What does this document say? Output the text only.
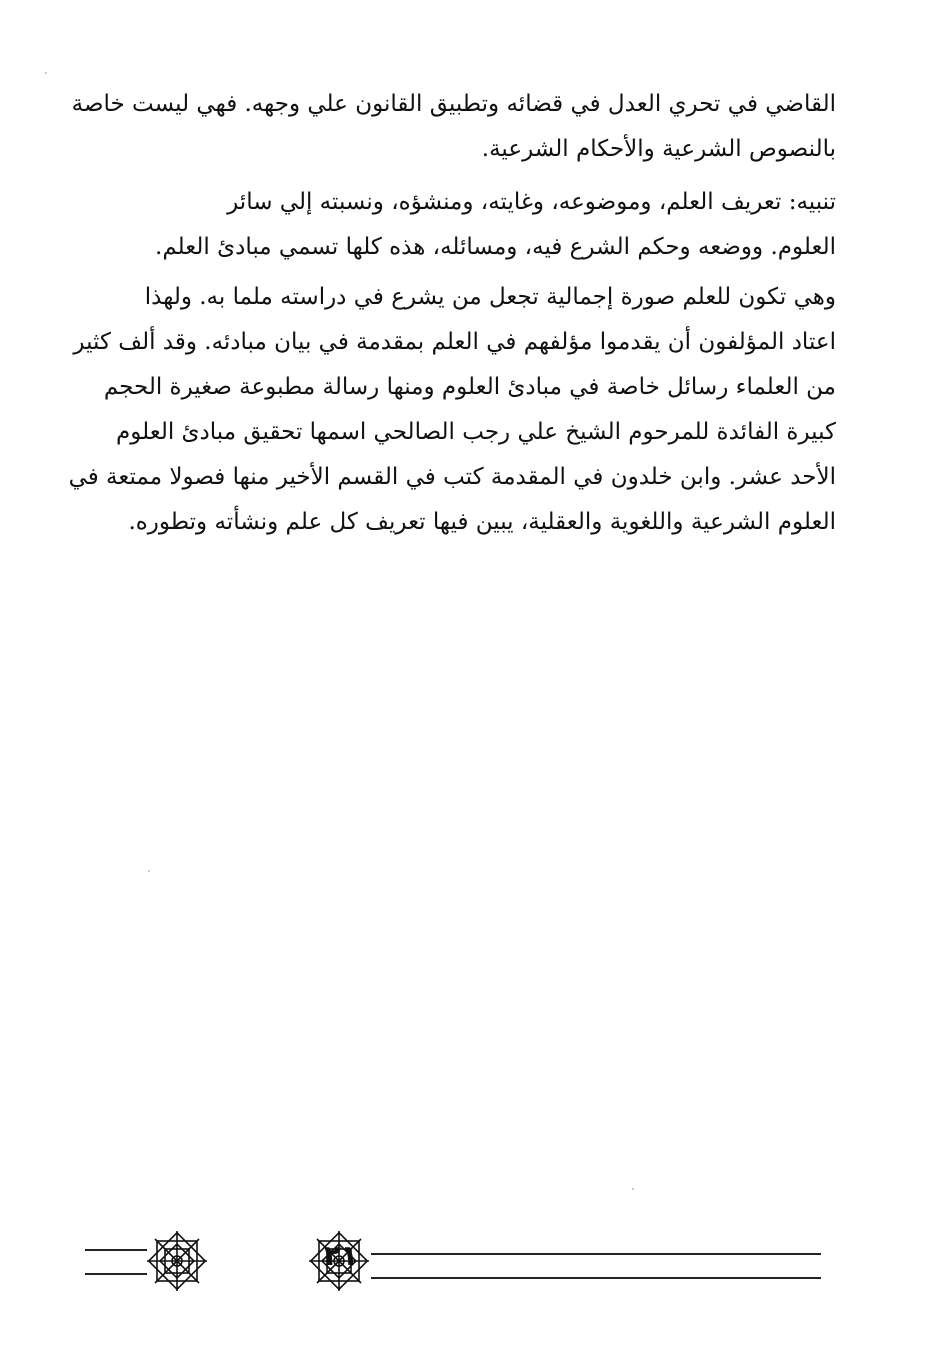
القاضي في تحري العدل في قضائه وتطبيق القانون علي وجهه. فهي ليست خاصة
بالنصوص الشرعية والأحكام الشرعية.

تنبيه: تعريف العلم، وموضوعه، وغايته، ومنشؤه، ونسبته إلي سائر
العلوم. ووضعه وحكم الشرع فيه، ومسائله، هذه كلها تسمي مبادئ العلم.

وهي تكون للعلم صورة إجمالية تجعل من يشرع في دراسته ملما به. ولهذا
اعتاد المؤلفون أن يقدموا مؤلفهم في العلم بمقدمة في بيان مبادئه. وقد ألف كثير
من العلماء رسائل خاصة في مبادئ العلوم ومنها رسالة مطبوعة صغيرة الحجم
كبيرة الفائدة للمرحوم الشيخ علي رجب الصالحي اسمها تحقيق مبادئ العلوم
الأحد عشر. وابن خلدون في المقدمة كتب في القسم الأخير منها فصولا ممتعة في
العلوم الشرعية واللغوية والعقلية، يبين فيها تعريف كل علم ونشأته وتطوره.

٢١
